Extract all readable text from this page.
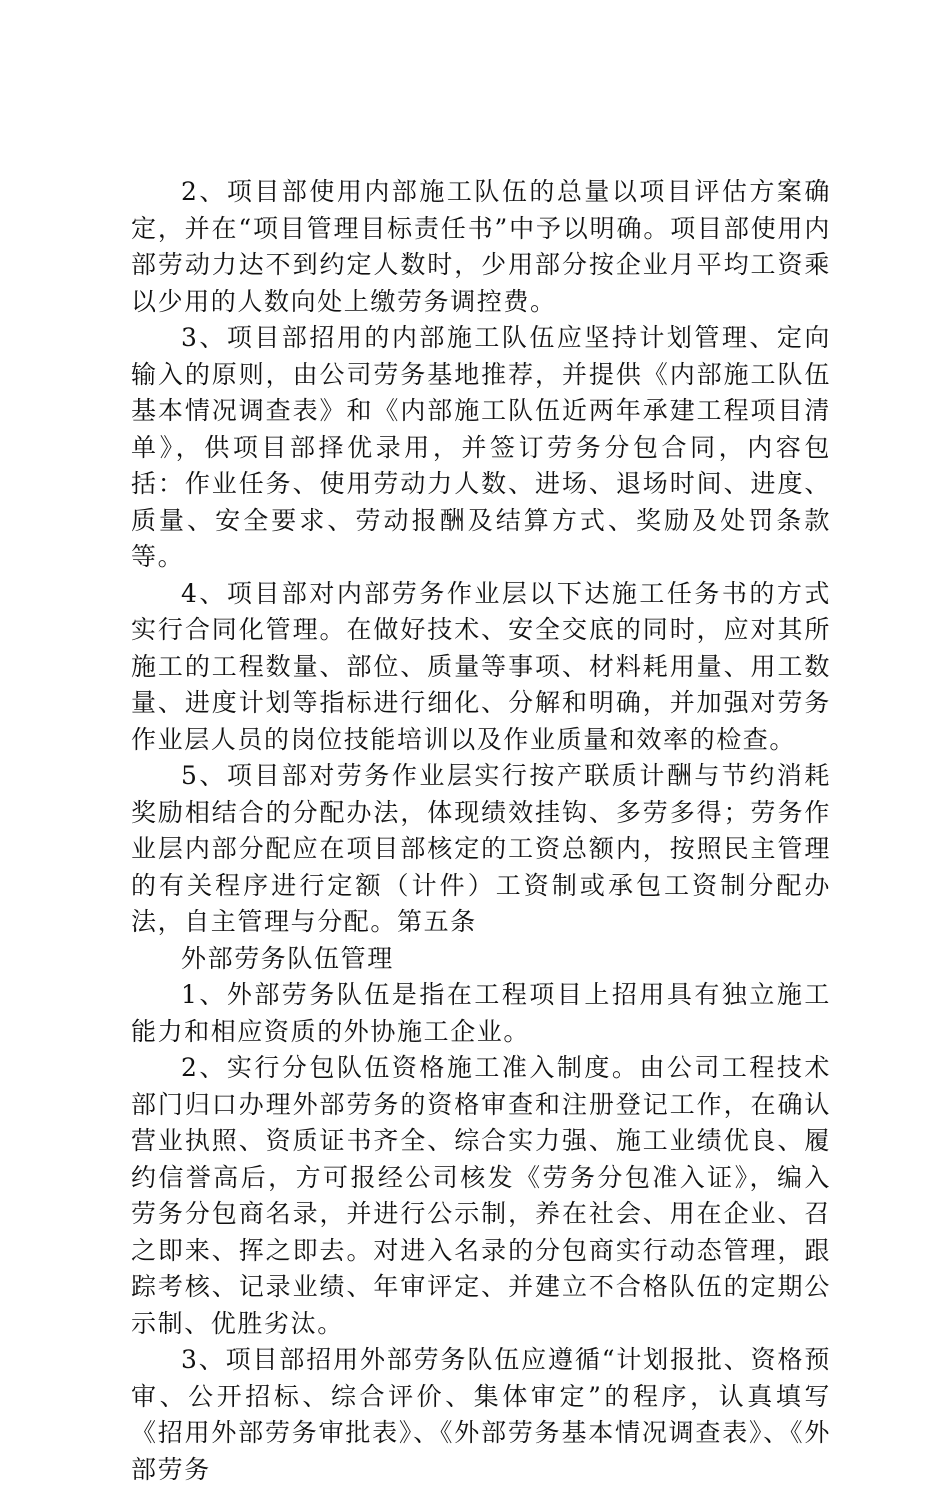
2、项目部使用内部施工队伍的总量以项目评估方案确定，并在“项目管理目标责任书”中予以明确。项目部使用内部劳动力达不到约定人数时，少用部分按企业月平均工资乘以少用的人数向处上缴劳务调控费。

3、项目部招用的内部施工队伍应坚持计划管理、定向输入的原则，由公司劳务基地推荐，并提供《内部施工队伍基本情况调查表》和《内部施工队伍近两年承建工程项目清单》，供项目部择优录用，并签订劳务分包合同，内容包括：作业任务、使用劳动力人数、进场、退场时间、进度、质量、安全要求、劳动报酬及结算方式、奖励及处罚条款等。

4、项目部对内部劳务作业层以下达施工任务书的方式实行合同化管理。在做好技术、安全交底的同时，应对其所施工的工程数量、部位、质量等事项、材料耗用量、用工数量、进度计划等指标进行细化、分解和明确，并加强对劳务作业层人员的岗位技能培训以及作业质量和效率的检查。

5、项目部对劳务作业层实行按产联质计酬与节约消耗奖励相结合的分配办法，体现绩效挂钩、多劳多得；劳务作业层内部分配应在项目部核定的工资总额内，按照民主管理的有关程序进行定额（计件）工资制或承包工资制分配办法，自主管理与分配。第五条

外部劳务队伍管理

1、外部劳务队伍是指在工程项目上招用具有独立施工能力和相应资质的外协施工企业。

2、实行分包队伍资格施工准入制度。由公司工程技术部门归口办理外部劳务的资格审查和注册登记工作，在确认营业执照、资质证书齐全、综合实力强、施工业绩优良、履约信誉高后，方可报经公司核发《劳务分包准入证》，编入劳务分包商名录，并进行公示制，养在社会、用在企业、召之即来、挥之即去。对进入名录的分包商实行动态管理，跟踪考核、记录业绩、年审评定、并建立不合格队伍的定期公示制、优胜劣汰。

3、项目部招用外部劳务队伍应遵循“计划报批、资格预审、公开招标、综合评价、集体审定”的程序，认真填写《招用外部劳务审批表》、《外部劳务基本情况调查表》、《外部劳务
